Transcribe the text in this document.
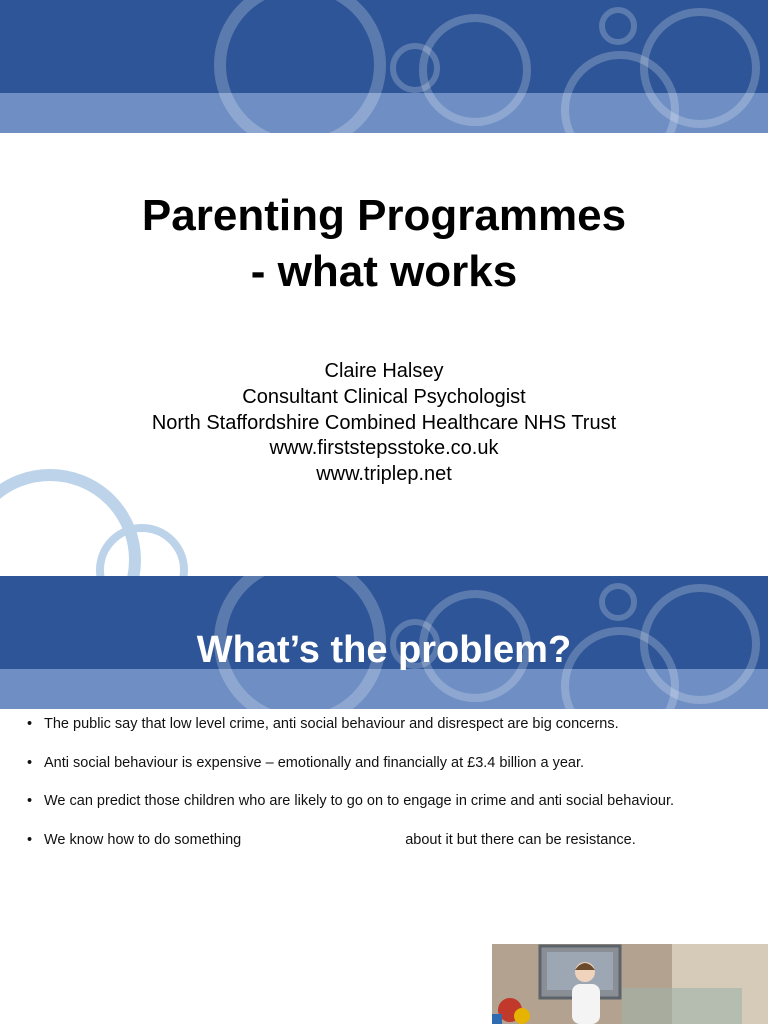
Parenting Programmes
- what works
Claire Halsey
Consultant Clinical Psychologist
North Staffordshire Combined Healthcare NHS Trust
www.firststepsstoke.co.uk
www.triplep.net
What’s the problem?
• The public say that low level crime, anti social behaviour and disrespect are big concerns.
• Anti social behaviour is expensive – emotionally and financially at £3.4 billion a year.
• We can predict those children who are likely to go on to engage in crime and anti social behaviour.
• We know how to do something	about it but there can be resistance.
